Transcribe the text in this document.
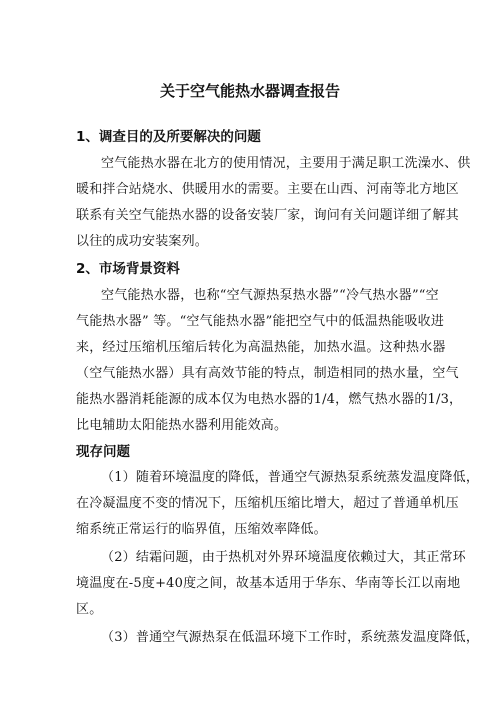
关于空气能热水器调查报告
1、调查目的及所要解决的问题
空气能热水器在北方的使用情况，主要用于满足职工洗澡水、供
暖和拌合站烧水、供暖用水的需要。主要在山西、河南等北方地区
联系有关空气能热水器的设备安装厂家，询问有关问题详细了解其
以往的成功安装案列。
2、市场背景资料
空气能热水器，也称“空气源热泵热水器”“冷气热水器”“空
气能热水器” 等。“空气能热水器”能把空气中的低温热能吸收进
来，经过压缩机压缩后转化为高温热能，加热水温。这种热水器
（空气能热水器）具有高效节能的特点，制造相同的热水量，空气
能热水器消耗能源的成本仅为电热水器的1/4，燃气热水器的1/3，
比电辅助太阳能热水器利用能效高。
现存问题
（1）随着环境温度的降低，普通空气源热泵系统蒸发温度降低，
在冷凝温度不变的情况下，压缩机压缩比增大，超过了普通单机压
缩系统正常运行的临界值，压缩效率降低。
（2）结霜问题，由于热机对外界环境温度依赖过大，其正常环
境温度在-5度+40度之间，故基本适用于华东、华南等长江以南地
区。
（3）普通空气源热泵在低温环境下工作时，系统蒸发温度降低，
